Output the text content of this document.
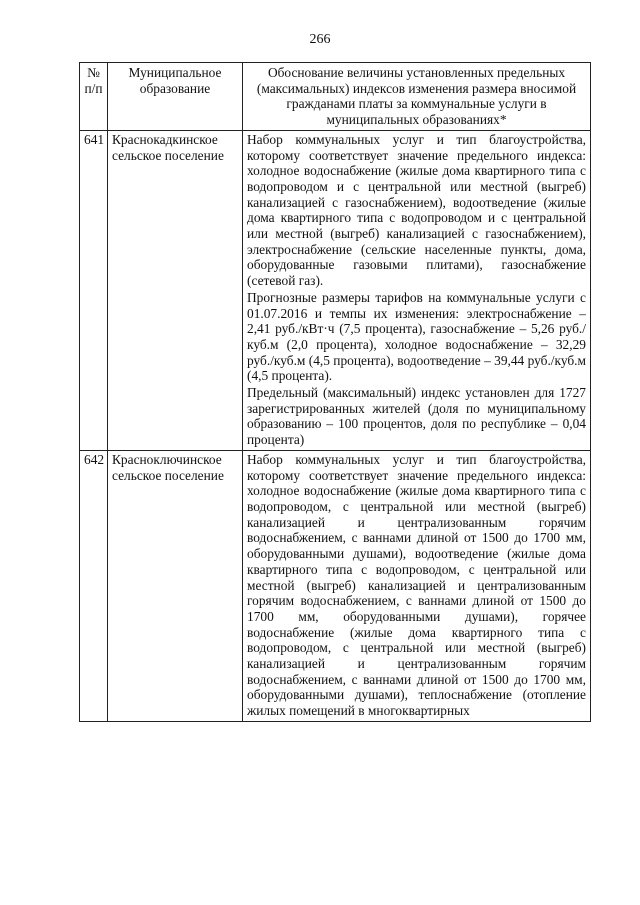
266
№ п/п	Муниципальное образование	Обоснование величины установленных предельных (максимальных) индексов изменения размера вносимой гражданами платы за коммунальные услуги в муниципальных образованиях*
641	Краснокадкинское сельское поселение	Набор коммунальных услуг и тип благоустройства, которому соответствует значение предельного индекса: холодное водоснабжение (жилые дома квартирного типа с водопроводом и с центральной или местной (выгреб) канализацией с газоснабжением), водоотведение (жилые дома квартирного типа с водопроводом и с центральной или местной (выгреб) канализацией с газоснабжением), электроснабжение (сельские населенные пункты, дома, оборудованные газовыми плитами), газоснабжение (сетевой газ).

Прогнозные размеры тарифов на коммунальные услуги с 01.07.2016 и темпы их изменения: электроснабжение – 2,41 руб./кВт·ч (7,5 процента), газоснабжение – 5,26 руб./куб.м (2,0 процента), холодное водоснабжение – 32,29 руб./куб.м (4,5 процента), водоотведение – 39,44 руб./куб.м (4,5 процента).

Предельный (максимальный) индекс установлен для 1727 зарегистрированных жителей (доля по муниципальному образованию – 100 процентов, доля по республике – 0,04 процента)

642	Красноключинское сельское поселение	Набор коммунальных услуг и тип благоустройства, которому соответствует значение предельного индекса: холодное водоснабжение (жилые дома квартирного типа с водопроводом, с центральной или местной (выгреб) канализацией и централизованным горячим водоснабжением, с ваннами длиной от 1500 до 1700 мм, оборудованными душами), водоотведение (жилые дома квартирного типа с водопроводом, с центральной или местной (выгреб) канализацией и централизованным горячим водоснабжением, с ваннами длиной от 1500 до 1700 мм, оборудованными душами), горячее водоснабжение (жилые дома квартирного типа с водопроводом, с центральной или местной (выгреб) канализацией и централизованным горячим водоснабжением, с ваннами длиной от 1500 до 1700 мм, оборудованными душами), теплоснабжение (отопление жилых помещений в многоквартирных
